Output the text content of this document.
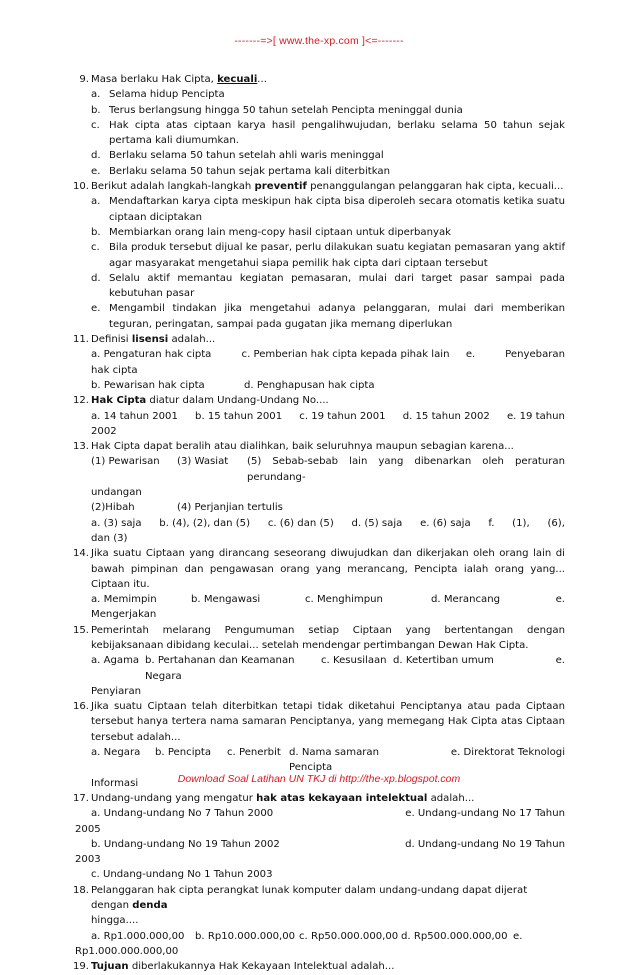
-------=>[ www.the-xp.com ]<=-------
9. Masa berlaku Hak Cipta, kecuali...
a. Selama hidup Pencipta
b. Terus berlangsung hingga 50 tahun setelah Pencipta meninggal dunia
c. Hak cipta atas ciptaan karya hasil pengalihwujudan, berlaku selama 50 tahun sejak pertama kali diumumkan.
d. Berlaku selama 50 tahun setelah ahli waris meninggal
e. Berlaku selama 50 tahun sejak pertama kali diterbitkan
10. Berikut adalah langkah-langkah preventif penanggulangan pelanggaran hak cipta, kecuali...
a. Mendaftarkan karya cipta meskipun hak cipta bisa diperoleh secara otomatis ketika suatu ciptaan diciptakan
b. Membiarkan orang lain meng-copy hasil ciptaan untuk diperbanyak
c. Bila produk tersebut dijual ke pasar, perlu dilakukan suatu kegiatan pemasaran yang aktif agar masyarakat mengetahui siapa pemilik hak cipta dari ciptaan tersebut
d. Selalu aktif memantau kegiatan pemasaran, mulai dari target pasar sampai pada kebutuhan pasar
e. Mengambil tindakan jika mengetahui adanya pelanggaran, mulai dari memberikan teguran, peringatan, sampai pada gugatan jika memang diperlukan
11. Definisi lisensi adalah...
a. Pengaturan hak cipta	c. Pemberian hak cipta kepada pihak lain	e.	Penyebaran
hak cipta
b. Pewarisan hak cipta	d. Penghapusan hak cipta
12. Hak Cipta diatur dalam Undang-Undang No....
a. 14 tahun 2001 b. 15 tahun 2001 c. 19 tahun 2001 d. 15 tahun 2002 e. 19 tahun
2002
13. Hak Cipta dapat beralih atau dialihkan, baik seluruhnya maupun sebagian karena...
(1) Pewarisan	(3) Wasiat	(5) Sebab-sebab lain yang dibenarkan oleh peraturan perundang-
undangan
(2)Hibah	(4) Perjanjian tertulis
a. (3) saja b. (4), (2), dan (5) c. (6) dan (5) d. (5) saja e. (6) saja f. (1), (6),
dan (3)
14. Jika suatu Ciptaan yang dirancang seseorang diwujudkan dan dikerjakan oleh orang lain di bawah pimpinan dan pengawasan orang yang merancang, Pencipta ialah orang yang... Ciptaan itu.
a. Memimpin	b. Mengawasi	c. Menghimpun	d. Merancang	e.
Mengerjakan
15. Pemerintah melarang Pengumuman setiap Ciptaan yang bertentangan dengan kebijaksanaan dibidang keculai... setelah mendengar pertimbangan Dewan Hak Cipta.
a. Agama b. Pertahanan dan Keamanan Negara
c. Kesusilaan d. Ketertiban umum	e.
Penyiaran
16. Jika suatu Ciptaan telah diterbitkan tetapi tidak diketahui Penciptanya atau pada Ciptaan tersebut hanya tertera nama samaran Penciptanya, yang memegang Hak Cipta atas Ciptaan tersebut adalah...
a. Negara	b. Pencipta	c. Penerbit d. Nama samaran Pencipta
e. Direktorat Teknologi
Informasi
17. Undang-undang yang mengatur hak atas kekayaan intelektual adalah...
a. Undang-undang No 7 Tahun 2000	e. Undang-undang No 17 Tahun
2005
b. Undang-undang No 19 Tahun 2002	d. Undang-undang No 19 Tahun
2003
c. Undang-undang No 1 Tahun 2003
18. Pelanggaran hak cipta perangkat lunak komputer dalam undang-undang dapat dijerat dengan denda
hingga....
a. Rp1.000.000,00	b. Rp10.000.000,00 c. Rp50.000.000,00 d. Rp500.000.000,00 e.
Rp1.000.000.000,00
19. Tujuan diberlakukannya Hak Kekayaan Intelektual adalah...
Download Soal Latihan UN TKJ di http://the-xp.blogspot.com
